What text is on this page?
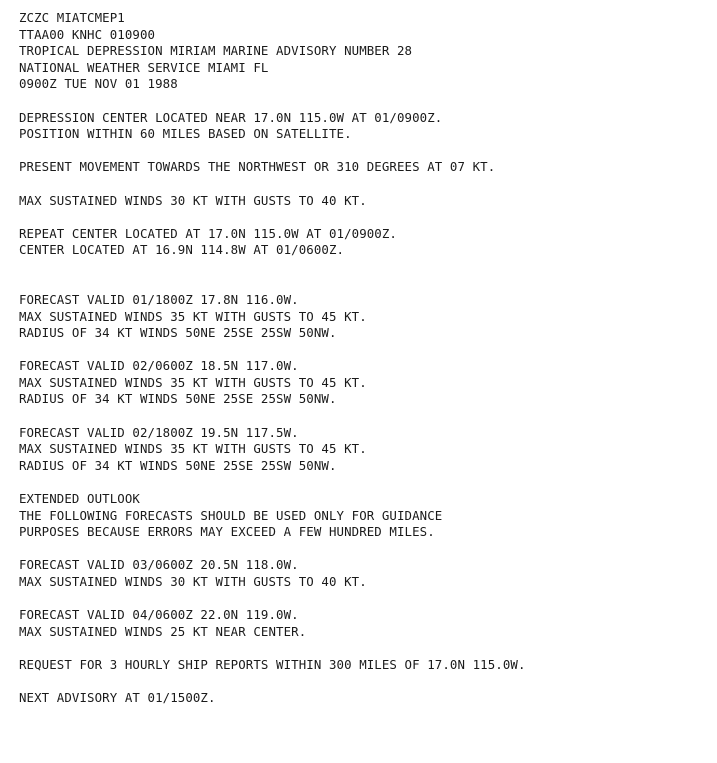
ZCZC MIATCMEP1
TTAA00 KNHC 010900
TROPICAL DEPRESSION MIRIAM MARINE ADVISORY NUMBER 28
NATIONAL WEATHER SERVICE MIAMI FL
0900Z TUE NOV 01 1988
DEPRESSION CENTER LOCATED NEAR 17.0N 115.0W AT 01/0900Z.
POSITION WITHIN 60 MILES BASED ON SATELLITE.
PRESENT MOVEMENT TOWARDS THE NORTHWEST OR 310 DEGREES AT 07 KT.
MAX SUSTAINED WINDS 30 KT WITH GUSTS TO 40 KT.
REPEAT CENTER LOCATED AT 17.0N 115.0W AT 01/0900Z.
CENTER LOCATED AT 16.9N 114.8W AT 01/0600Z.
FORECAST VALID 01/1800Z 17.8N 116.0W.
MAX SUSTAINED WINDS 35 KT WITH GUSTS TO 45 KT.
RADIUS OF 34 KT WINDS 50NE 25SE 25SW 50NW.
FORECAST VALID 02/0600Z 18.5N 117.0W.
MAX SUSTAINED WINDS 35 KT WITH GUSTS TO 45 KT.
RADIUS OF 34 KT WINDS 50NE 25SE 25SW 50NW.
FORECAST VALID 02/1800Z 19.5N 117.5W.
MAX SUSTAINED WINDS 35 KT WITH GUSTS TO 45 KT.
RADIUS OF 34 KT WINDS 50NE 25SE 25SW 50NW.
EXTENDED OUTLOOK
THE FOLLOWING FORECASTS SHOULD BE USED ONLY FOR GUIDANCE
PURPOSES BECAUSE ERRORS MAY EXCEED A FEW HUNDRED MILES.
FORECAST VALID 03/0600Z 20.5N 118.0W.
MAX SUSTAINED WINDS 30 KT WITH GUSTS TO 40 KT.
FORECAST VALID 04/0600Z 22.0N 119.0W.
MAX SUSTAINED WINDS 25 KT NEAR CENTER.
REQUEST FOR 3 HOURLY SHIP REPORTS WITHIN 300 MILES OF 17.0N 115.0W.
NEXT ADVISORY AT 01/1500Z.
